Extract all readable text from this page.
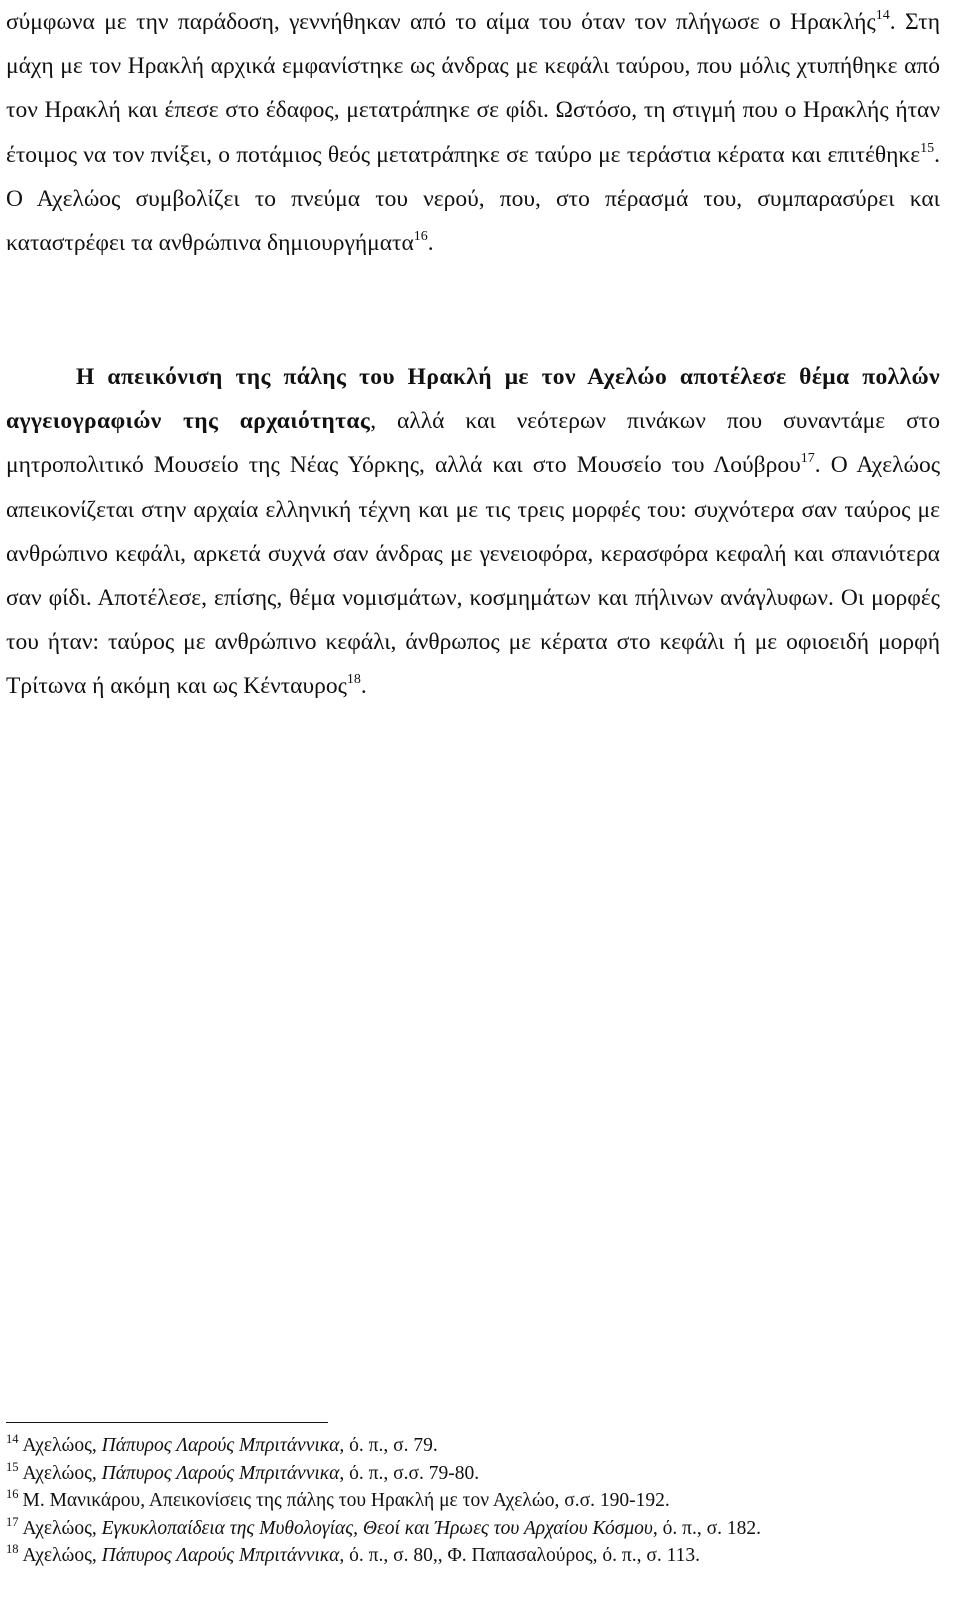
σύμφωνα με την παράδοση, γεννήθηκαν από το αίμα του όταν τον πλήγωσε ο Ηρακλής$^{14}$. Στη μάχη με τον Ηρακλή αρχικά εμφανίστηκε ως άνδρας με κεφάλι ταύρου, που μόλις χτυπήθηκε από τον Ηρακλή και έπεσε στο έδαφος, μετατράπηκε σε φίδι. Ωστόσο, τη στιγμή που ο Ηρακλής ήταν έτοιμος να τον πνίξει, ο ποτάμιος θεός μετατράπηκε σε ταύρο με τεράστια κέρατα και επιτέθηκε$^{15}$. Ο Αχελώος συμβολίζει το πνεύμα του νερού, που, στο πέρασμά του, συμπαρασύρει και καταστρέφει τα ανθρώπινα δημιουργήματα$^{16}$.

Η απεικόνιση της πάλης του Ηρακλή με τον Αχελώο αποτέλεσε θέμα πολλών αγγειογραφιών της αρχαιότητας, αλλά και νεότερων πινάκων που συναντάμε στο μητροπολιτικό Μουσείο της Νέας Υόρκης, αλλά και στο Μουσείο του Λούβρου$^{17}$. Ο Αχελώος απεικονίζεται στην αρχαία ελληνική τέχνη και με τις τρεις μορφές του: συχνότερα σαν ταύρος με ανθρώπινο κεφάλι, αρκετά συχνά σαν άνδρας με γενειοφόρα, κερασφόρα κεφαλή και σπανιότερα σαν φίδι. Αποτέλεσε, επίσης, θέμα νομισμάτων, κοσμημάτων και πήλινων ανάγλυφων. Οι μορφές του ήταν: ταύρος με ανθρώπινο κεφάλι, άνθρωπος με κέρατα στο κεφάλι ή με οφιοειδή μορφή Τρίτωνα ή ακόμη και ως Κένταυρος$^{18}$.

$^{14}$ Αχελώος, Πάπυρος Λαρούς Μπριτάννικα, ό. π., σ. 79.
$^{15}$ Αχελώος, Πάπυρος Λαρούς Μπριτάννικα, ό. π., σ.σ. 79-80.
$^{16}$ Μ. Μανικάρου, Απεικονίσεις της πάλης του Ηρακλή με τον Αχελώο, σ.σ. 190-192.
$^{17}$ Αχελώος, Εγκυκλοπαίδεια της Μυθολογίας, Θεοί και Ήρωες του Αρχαίου Κόσμου, ό. π., σ. 182.
$^{18}$ Αχελώος, Πάπυρος Λαρούς Μπριτάννικα, ό. π., σ. 80,, Φ. Παπασαλούρος, ό. π., σ. 113.
